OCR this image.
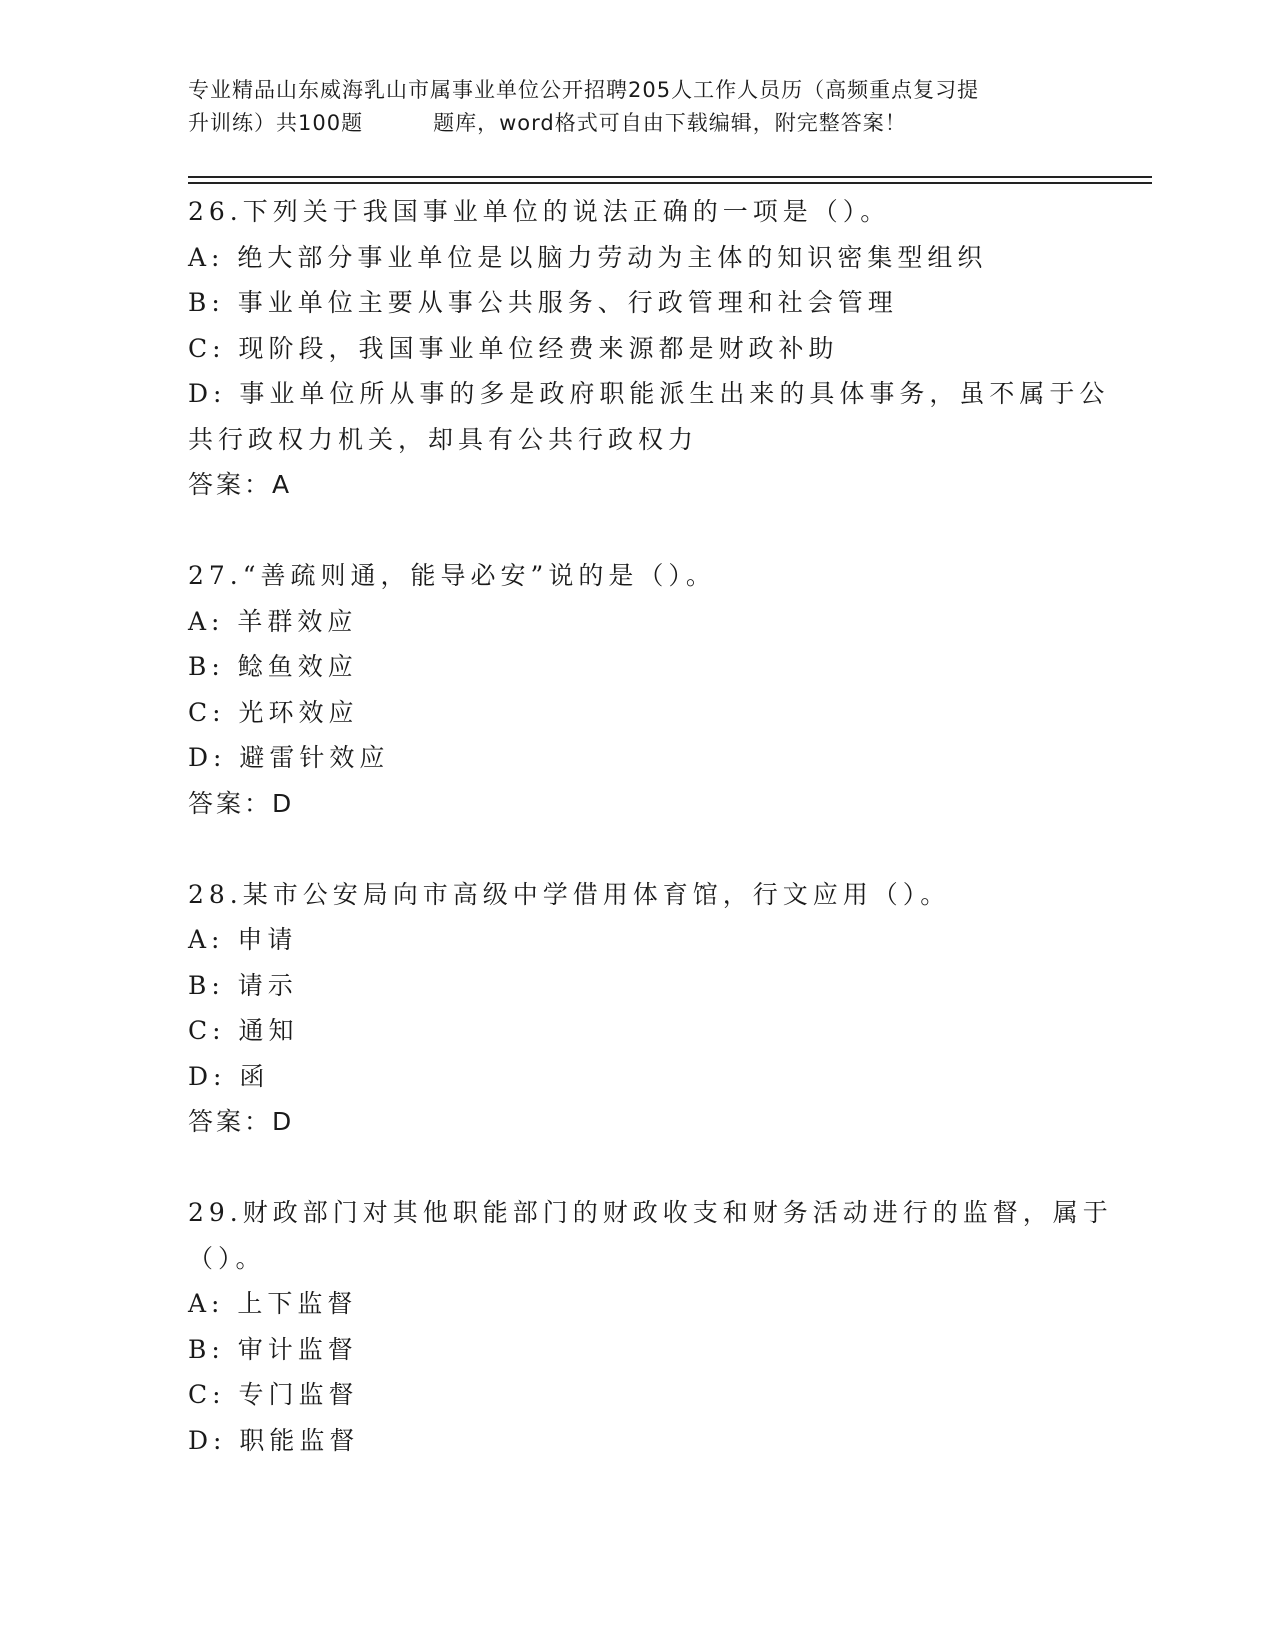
专业精品山东威海乳山市属事业单位公开招聘205人工作人员历（高频重点复习提
升训练）共100题	题库，word格式可自由下载编辑，附完整答案！
26.下列关于我国事业单位的说法正确的一项是（）。
A: 绝大部分事业单位是以脑力劳动为主体的知识密集型组织
B: 事业单位主要从事公共服务、行政管理和社会管理
C: 现阶段，我国事业单位经费来源都是财政补助
D: 事业单位所从事的多是政府职能派生出来的具体事务，虽不属于公
共行政权力机关，却具有公共行政权力
答案：A
27.“善疏则通，能导必安”说的是（）。
A: 羊群效应
B: 鲶鱼效应
C: 光环效应
D: 避雷针效应
答案：D
28.某市公安局向市高级中学借用体育馆，行文应用（）。
A: 申请
B: 请示
C: 通知
D: 函
答案：D
29.财政部门对其他职能部门的财政收支和财务活动进行的监督，属于
（）。
A: 上下监督
B: 审计监督
C: 专门监督
D: 职能监督
